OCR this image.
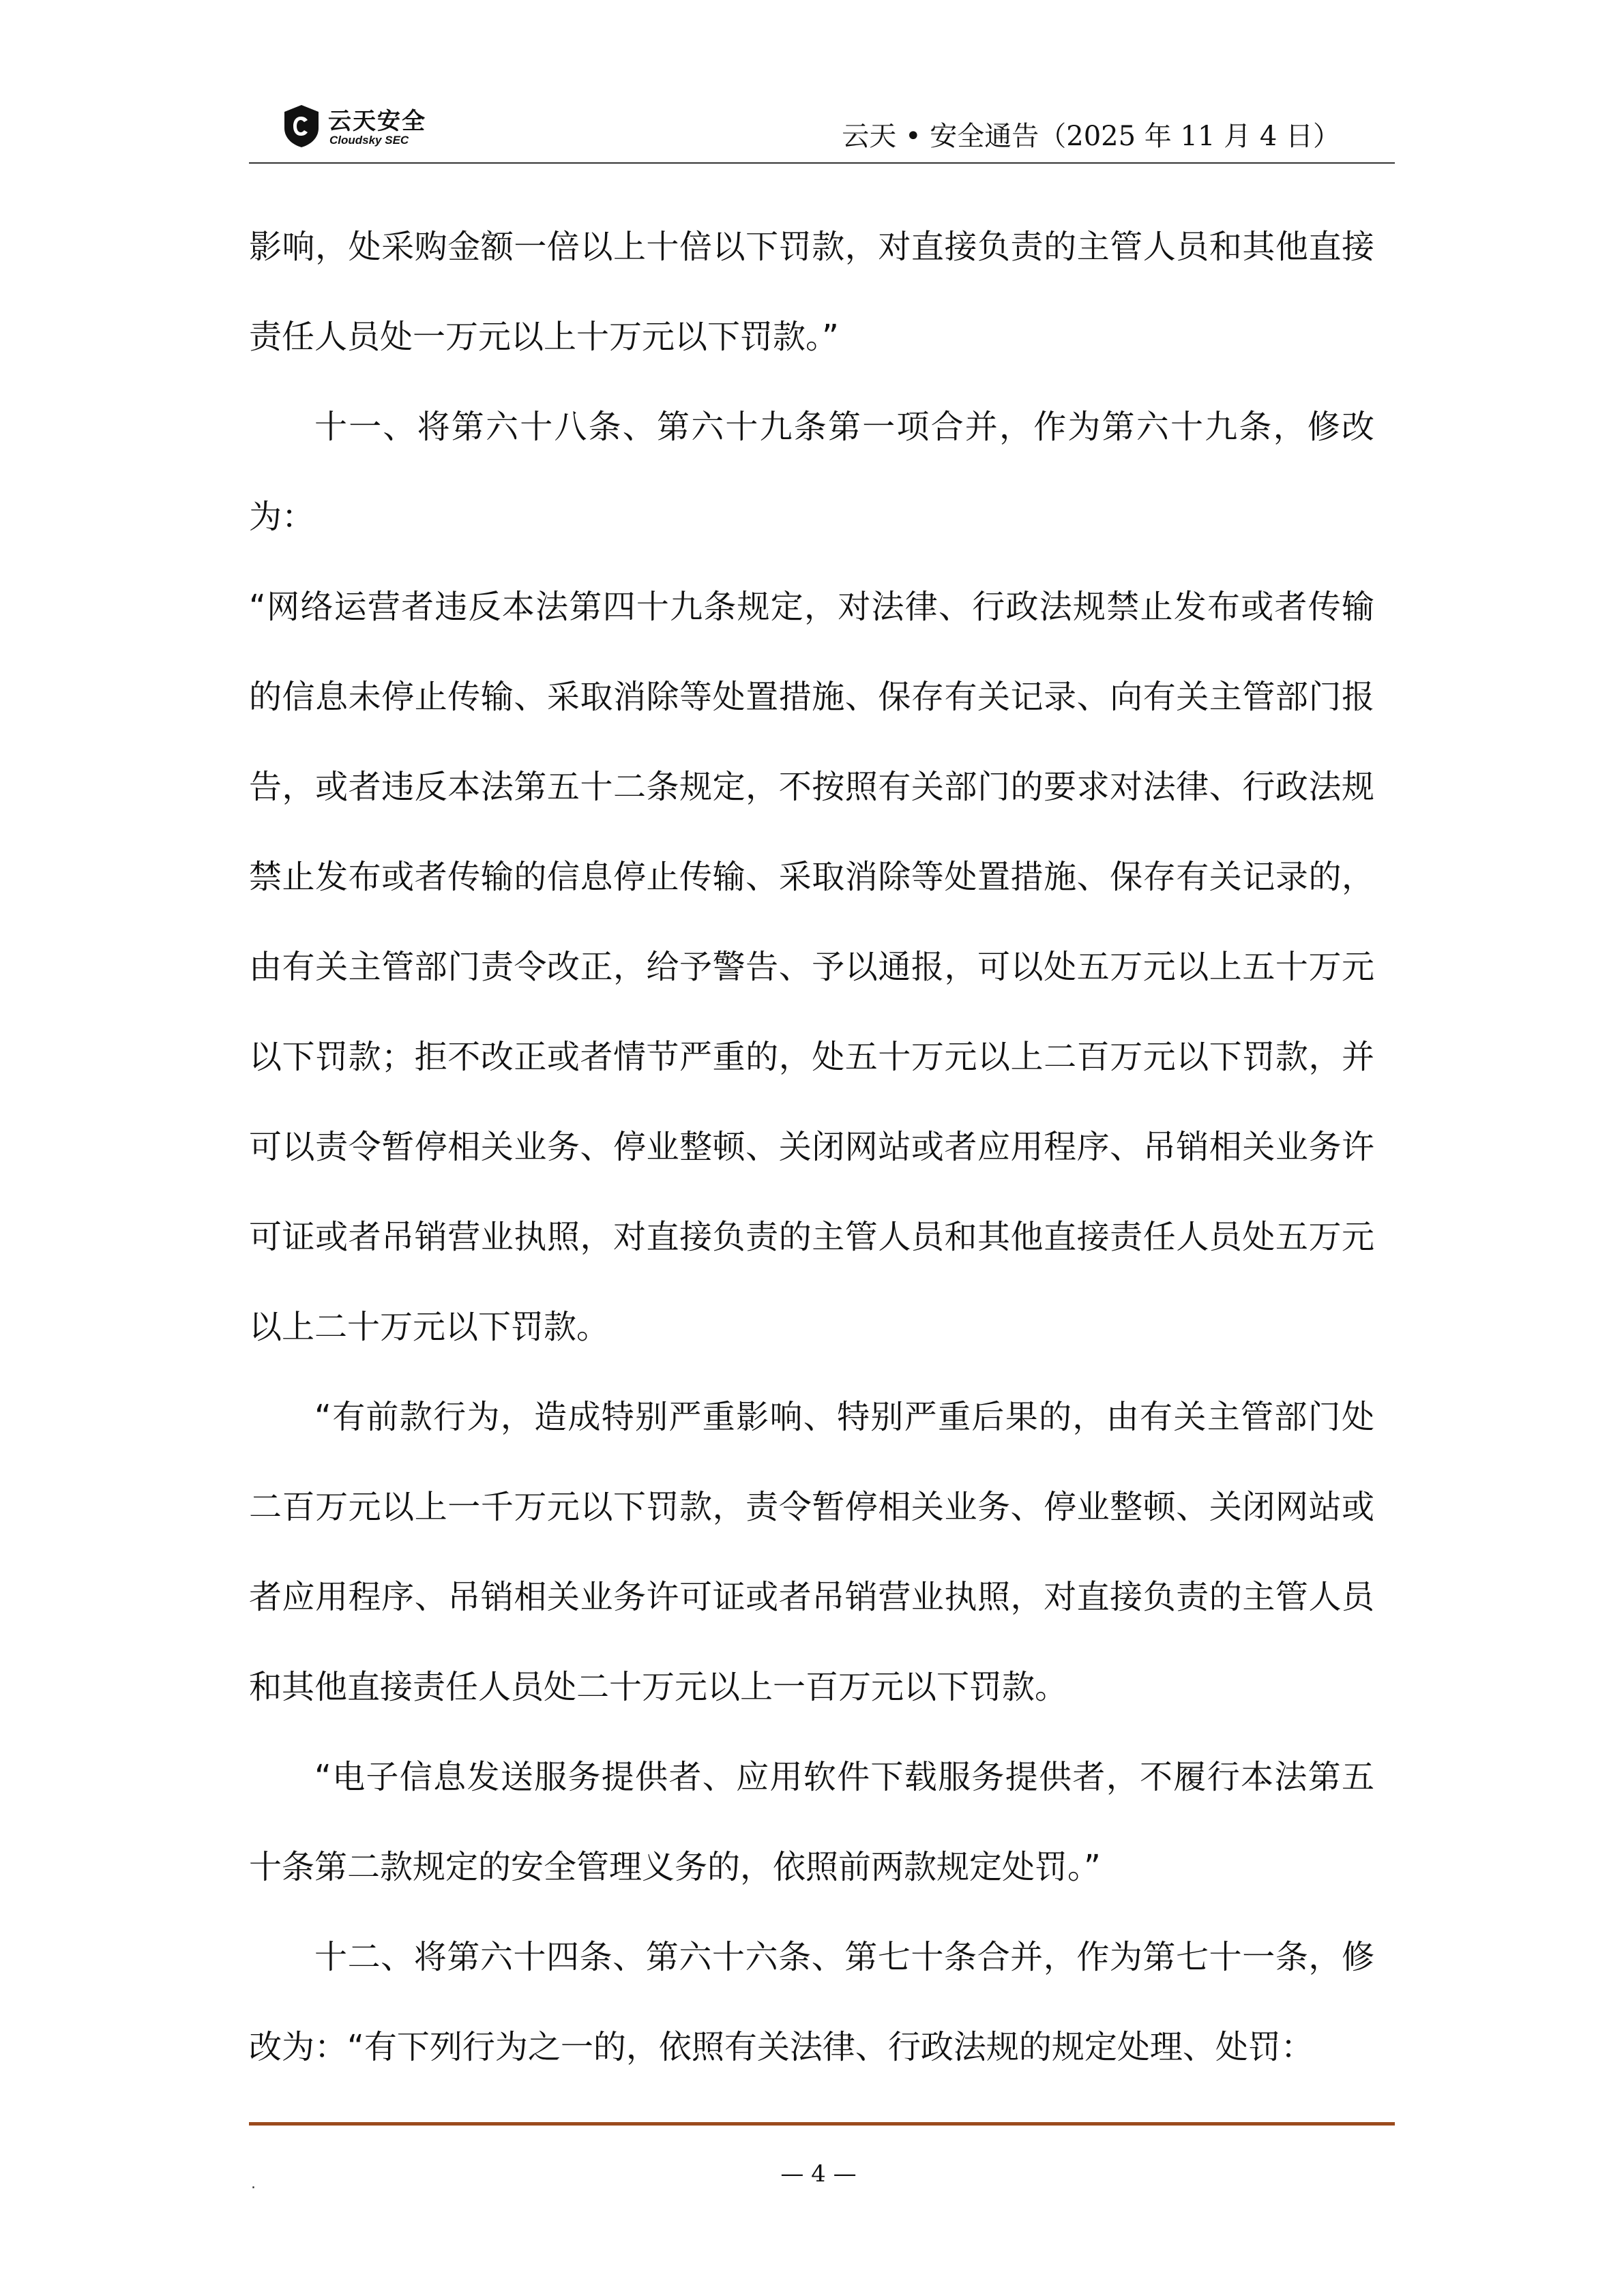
云天安全
Cloudsky SEC	云天 • 安全通告（2025 年 11 月 4 日）

影响，处采购金额一倍以上十倍以下罚款，对直接负责的主管人员和其他直接责任人员处一万元以上十万元以下罚款。”

十一、将第六十八条、第六十九条第一项合并，作为第六十九条，修改为：

“网络运营者违反本法第四十九条规定，对法律、行政法规禁止发布或者传输的信息未停止传输、采取消除等处置措施、保存有关记录、向有关主管部门报告，或者违反本法第五十二条规定，不按照有关部门的要求对法律、行政法规禁止发布或者传输的信息停止传输、采取消除等处置措施、保存有关记录的，由有关主管部门责令改正，给予警告、予以通报，可以处五万元以上五十万元以下罚款；拒不改正或者情节严重的，处五十万元以上二百万元以下罚款，并可以责令暂停相关业务、停业整顿、关闭网站或者应用程序、吊销相关业务许可证或者吊销营业执照，对直接负责的主管人员和其他直接责任人员处五万元以上二十万元以下罚款。

“有前款行为，造成特别严重影响、特别严重后果的，由有关主管部门处二百万元以上一千万元以下罚款，责令暂停相关业务、停业整顿、关闭网站或者应用程序、吊销相关业务许可证或者吊销营业执照，对直接负责的主管人员和其他直接责任人员处二十万元以上一百万元以下罚款。

“电子信息发送服务提供者、应用软件下载服务提供者，不履行本法第五十条第二款规定的安全管理义务的，依照前两款规定处罚。”

十二、将第六十四条、第六十六条、第七十条合并，作为第七十一条，修改为：“有下列行为之一的，依照有关法律、行政法规的规定处理、处罚：

.	— 4 —
